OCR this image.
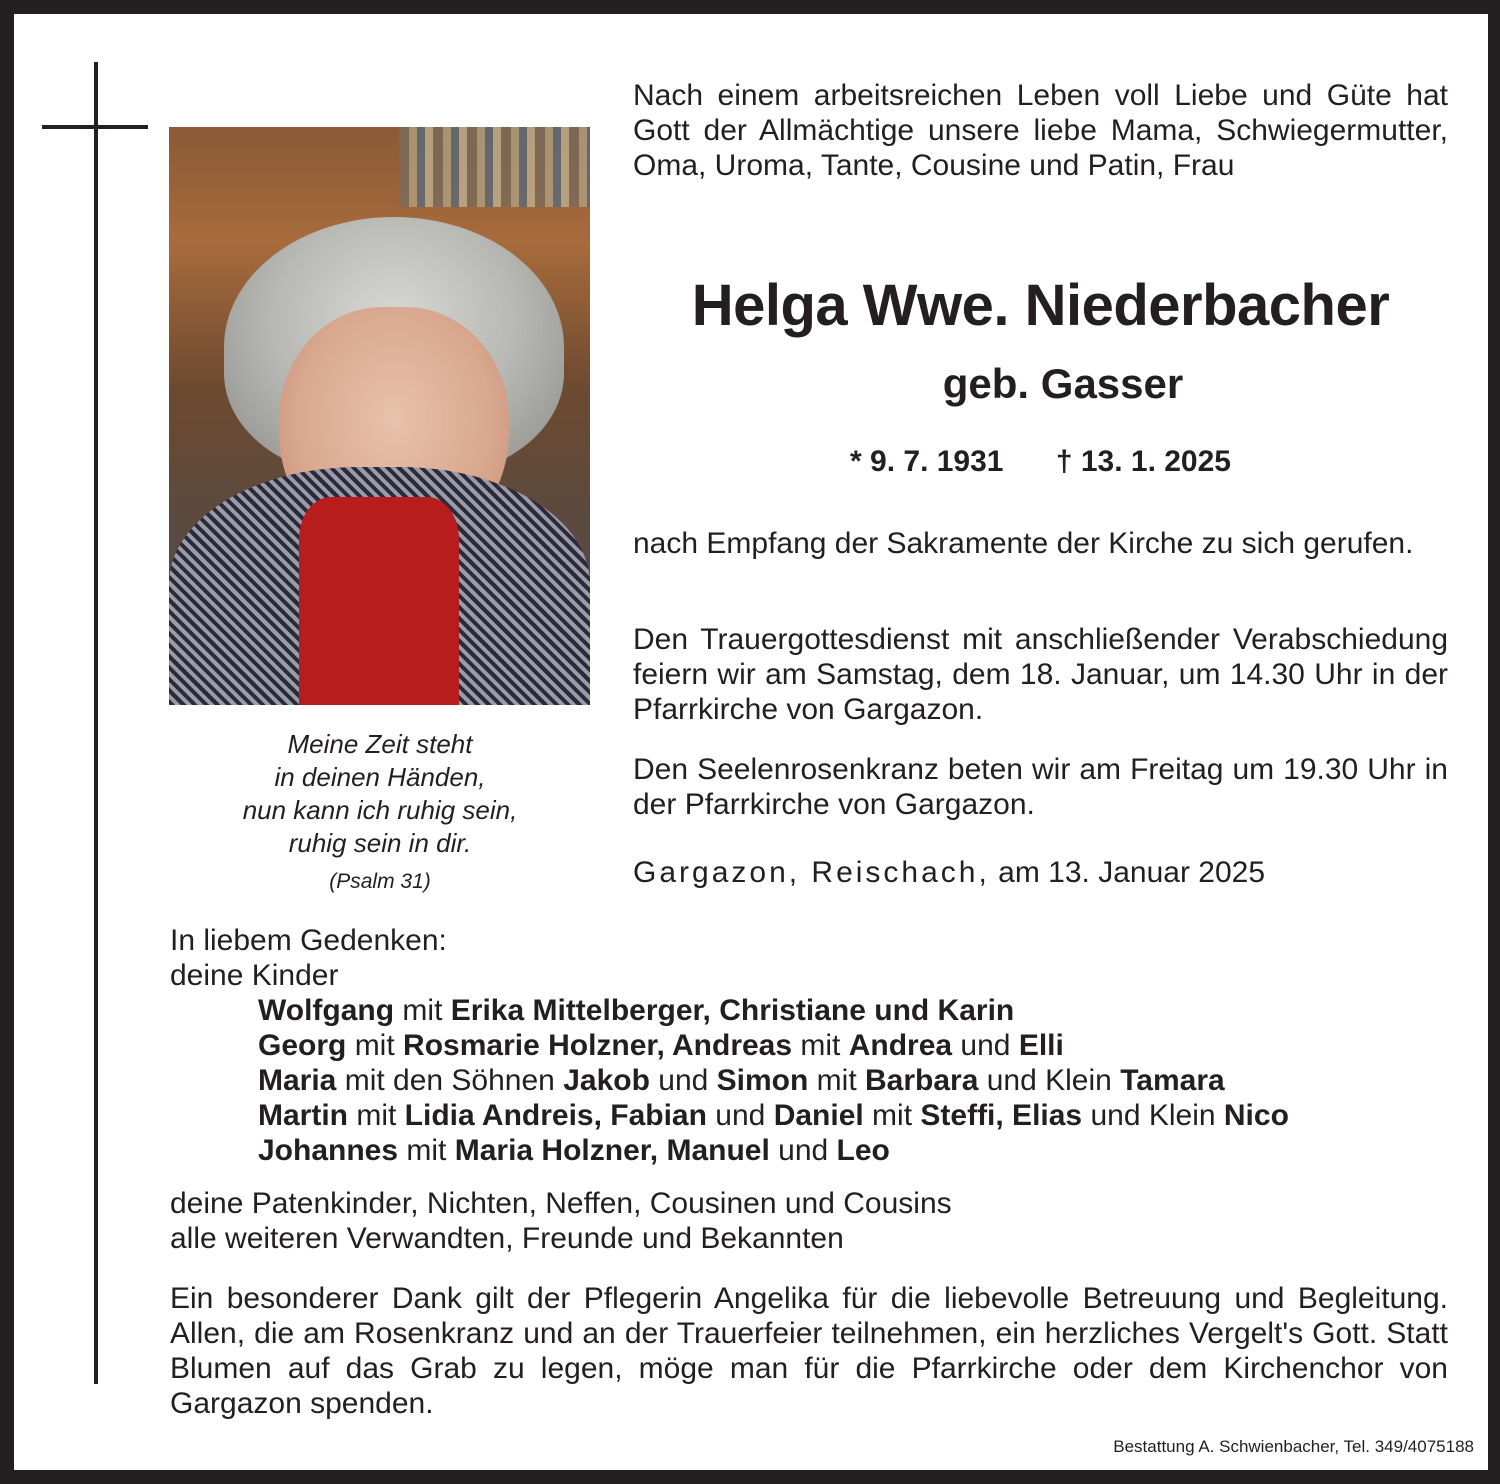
Meine Zeit steht
in deinen Händen,
nun kann ich ruhig sein,
ruhig sein in dir.
(Psalm 31)
Nach einem arbeitsreichen Leben voll Liebe und Güte hat Gott der Allmächtige unsere liebe Mama, Schwiegermutter, Oma, Uroma, Tante, Cousine und Patin, Frau
Helga Wwe. Niederbacher
geb. Gasser
* 9. 7. 1931 † 13. 1. 2025
nach Empfang der Sakramente der Kirche zu sich gerufen.
Den Trauergottesdienst mit anschließender Verabschiedung feiern wir am Samstag, dem 18. Januar, um 14.30 Uhr in der Pfarrkirche von Gargazon.
Den Seelenrosenkranz beten wir am Freitag um 19.30 Uhr in der Pfarrkirche von Gargazon.
Gargazon, Reischach, am 13. Januar 2025
In liebem Gedenken:
deine Kinder
Wolfgang mit Erika Mittelberger, Christiane und Karin
Georg mit Rosmarie Holzner, Andreas mit Andrea und Elli
Maria mit den Söhnen Jakob und Simon mit Barbara und Klein Tamara
Martin mit Lidia Andreis, Fabian und Daniel mit Steffi, Elias und Klein Nico
Johannes mit Maria Holzner, Manuel und Leo
deine Patenkinder, Nichten, Neffen, Cousinen und Cousins
alle weiteren Verwandten, Freunde und Bekannten
Ein besonderer Dank gilt der Pflegerin Angelika für die liebevolle Betreuung und Begleitung. Allen, die am Rosenkranz und an der Trauerfeier teilnehmen, ein herzliches Vergelt's Gott. Statt Blumen auf das Grab zu legen, möge man für die Pfarrkirche oder dem Kirchenchor von Gargazon spenden.
Bestattung A. Schwienbacher, Tel. 349/4075188
